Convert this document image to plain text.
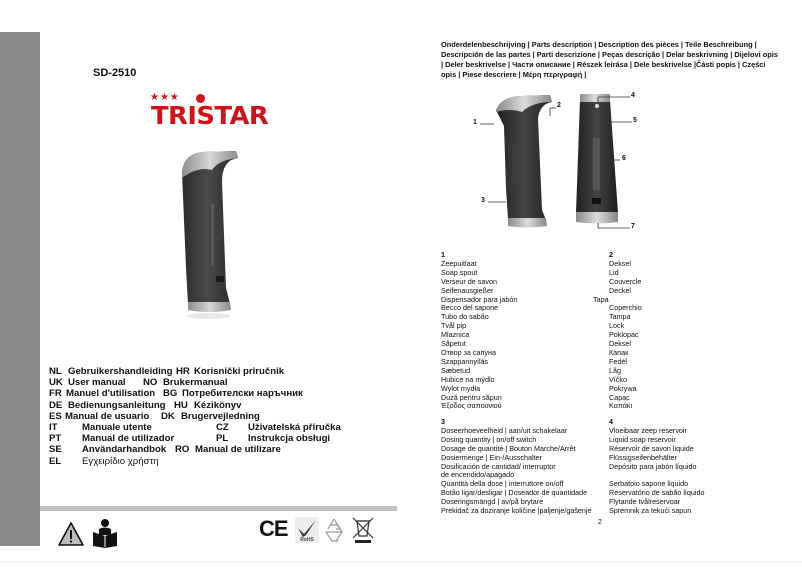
SD-2510
★★★
TRISTAR
NL Gebruikershandleiding HR Korisnički priručnik
UK User manual NO Brukermanual
FR Manuel d'utilisation BG Потребителски наръчник
DE Bedienungsanleitung HU Kézikönyv
ES Manual de usuario DK Brugervejledning
IT	Manuale utente	CZ Uživatelská příručka
PT Manual de utilizador	PL Instrukcja obsługi
SE Användarhandbok RO Manual de utilizare
EL Εγχειρίδιο χρήστη
CE	RoHS
Onderdelenbeschrijving | Parts description | Description des pièces | Teile Beschreibung | Descripción de las partes | Parti descrizione | Peças descrição | Delar beskrivning | Dijelovi opis | Deler beskrivelse | Части описание | Részek leírása | Dele beskrivelse |Části popis | Części opis | Piese descriere | Μέρη περιγραφή |
1
2
3
4
5
6
7
1
Zeepuitlaat
Soap spout
Verseur de savon
Seifenausgießer
Dispensador para jabón
Becco del sapone
Tubo do sabão
Tvål pip
Mlaznica
Såpetut
Отвор за сапуна
Szappannyílás
Sæbetud
Hubice na mýdlo
Wylot mydła
Duză pentru săpun
Έξοδος σαπουνιού
2
Deksel
Lid
Couvercle
Deckel
Tapa
Coperchio
Tampa
Lock
Poklopac
Deksel
Капак
Fedél
Låg
Víčko
Pokrywa
Capac
Καπάκι
3
Doseerhoeveelheid | aan/uit schakelaar
Dosing quantity | on/off switch
Dosage de quantité | Bouton Marche/Arrêt
Dosiermenge | Ein-/Ausschalter
Dosificación de cantidad/ interruptor
de encendido/apagado
Quantità della dose | interruttore on/off
Botão ligar/desligar | Doseador de quantidade
Doseringsmängd | av/på brytare
Prekidač za doziranje količine |paljenje/gašenje
4
Vloeibaar zeep reservoir
Liquid soap reservoir
Réservoir de savon liquide
Flüssigseifenbehälter
Depósito para jabón líquido
Serbatoio sapone liquido
Reservatório de sabão líquido
Flytande tvålreservoar
Spremnik za tekući sapun
2
